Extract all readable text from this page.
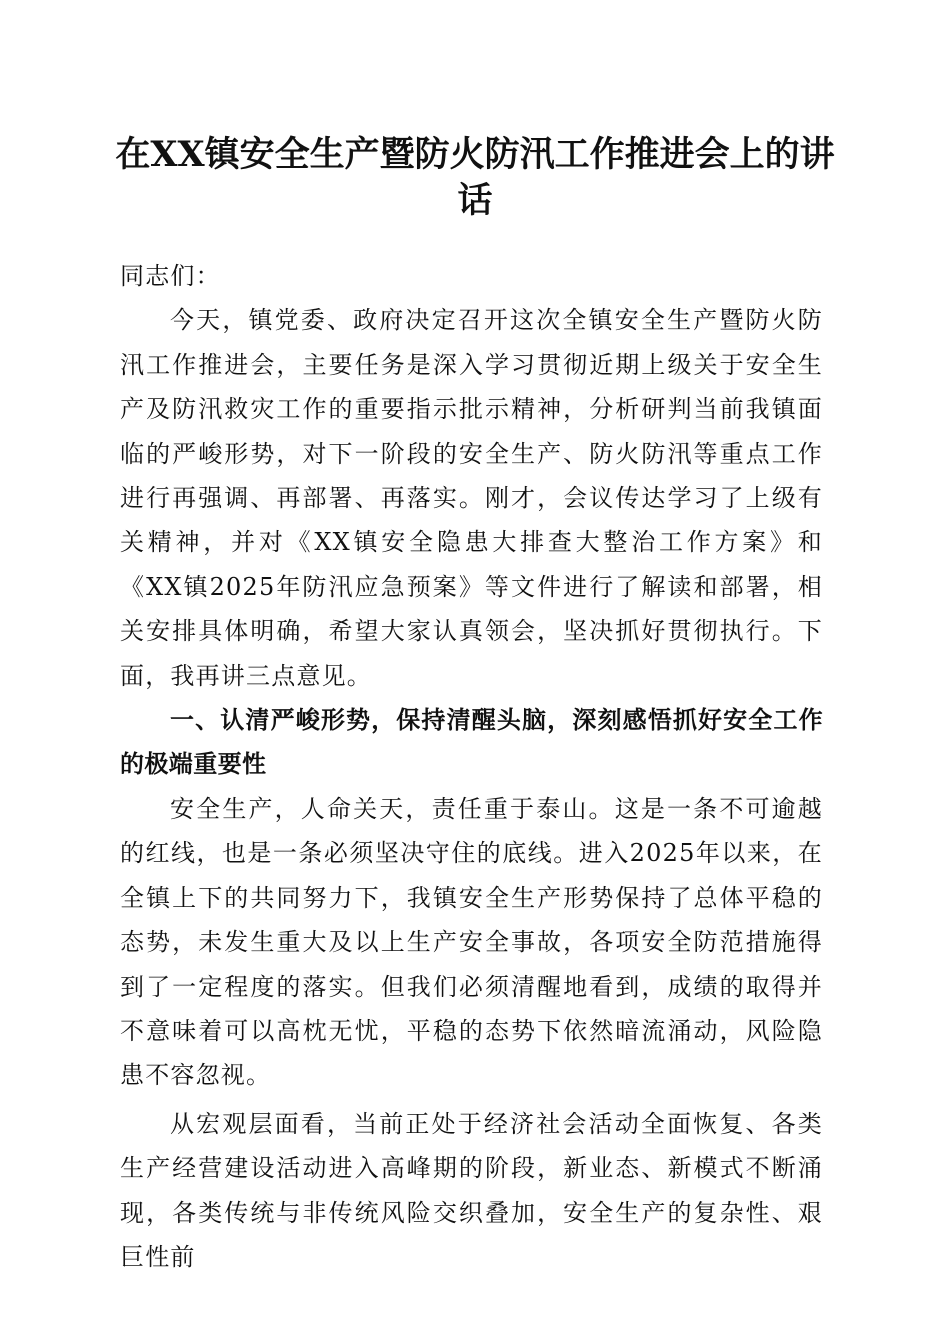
在XX镇安全生产暨防火防汛工作推进会上的讲话

同志们：

今天，镇党委、政府决定召开这次全镇安全生产暨防火防汛工作推进会，主要任务是深入学习贯彻近期上级关于安全生产及防汛救灾工作的重要指示批示精神，分析研判当前我镇面临的严峻形势，对下一阶段的安全生产、防火防汛等重点工作进行再强调、再部署、再落实。刚才，会议传达学习了上级有关精神，并对《XX镇安全隐患大排查大整治工作方案》和《XX镇2025年防汛应急预案》等文件进行了解读和部署，相关安排具体明确，希望大家认真领会，坚决抓好贯彻执行。下面，我再讲三点意见。

一、认清严峻形势，保持清醒头脑，深刻感悟抓好安全工作的极端重要性

安全生产，人命关天，责任重于泰山。这是一条不可逾越的红线，也是一条必须坚决守住的底线。进入2025年以来，在全镇上下的共同努力下，我镇安全生产形势保持了总体平稳的态势，未发生重大及以上生产安全事故，各项安全防范措施得到了一定程度的落实。但我们必须清醒地看到，成绩的取得并不意味着可以高枕无忧，平稳的态势下依然暗流涌动，风险隐患不容忽视。

从宏观层面看，当前正处于经济社会活动全面恢复、各类生产经营建设活动进入高峰期的阶段，新业态、新模式不断涌现，各类传统与非传统风险交织叠加，安全生产的复杂性、艰巨性前
